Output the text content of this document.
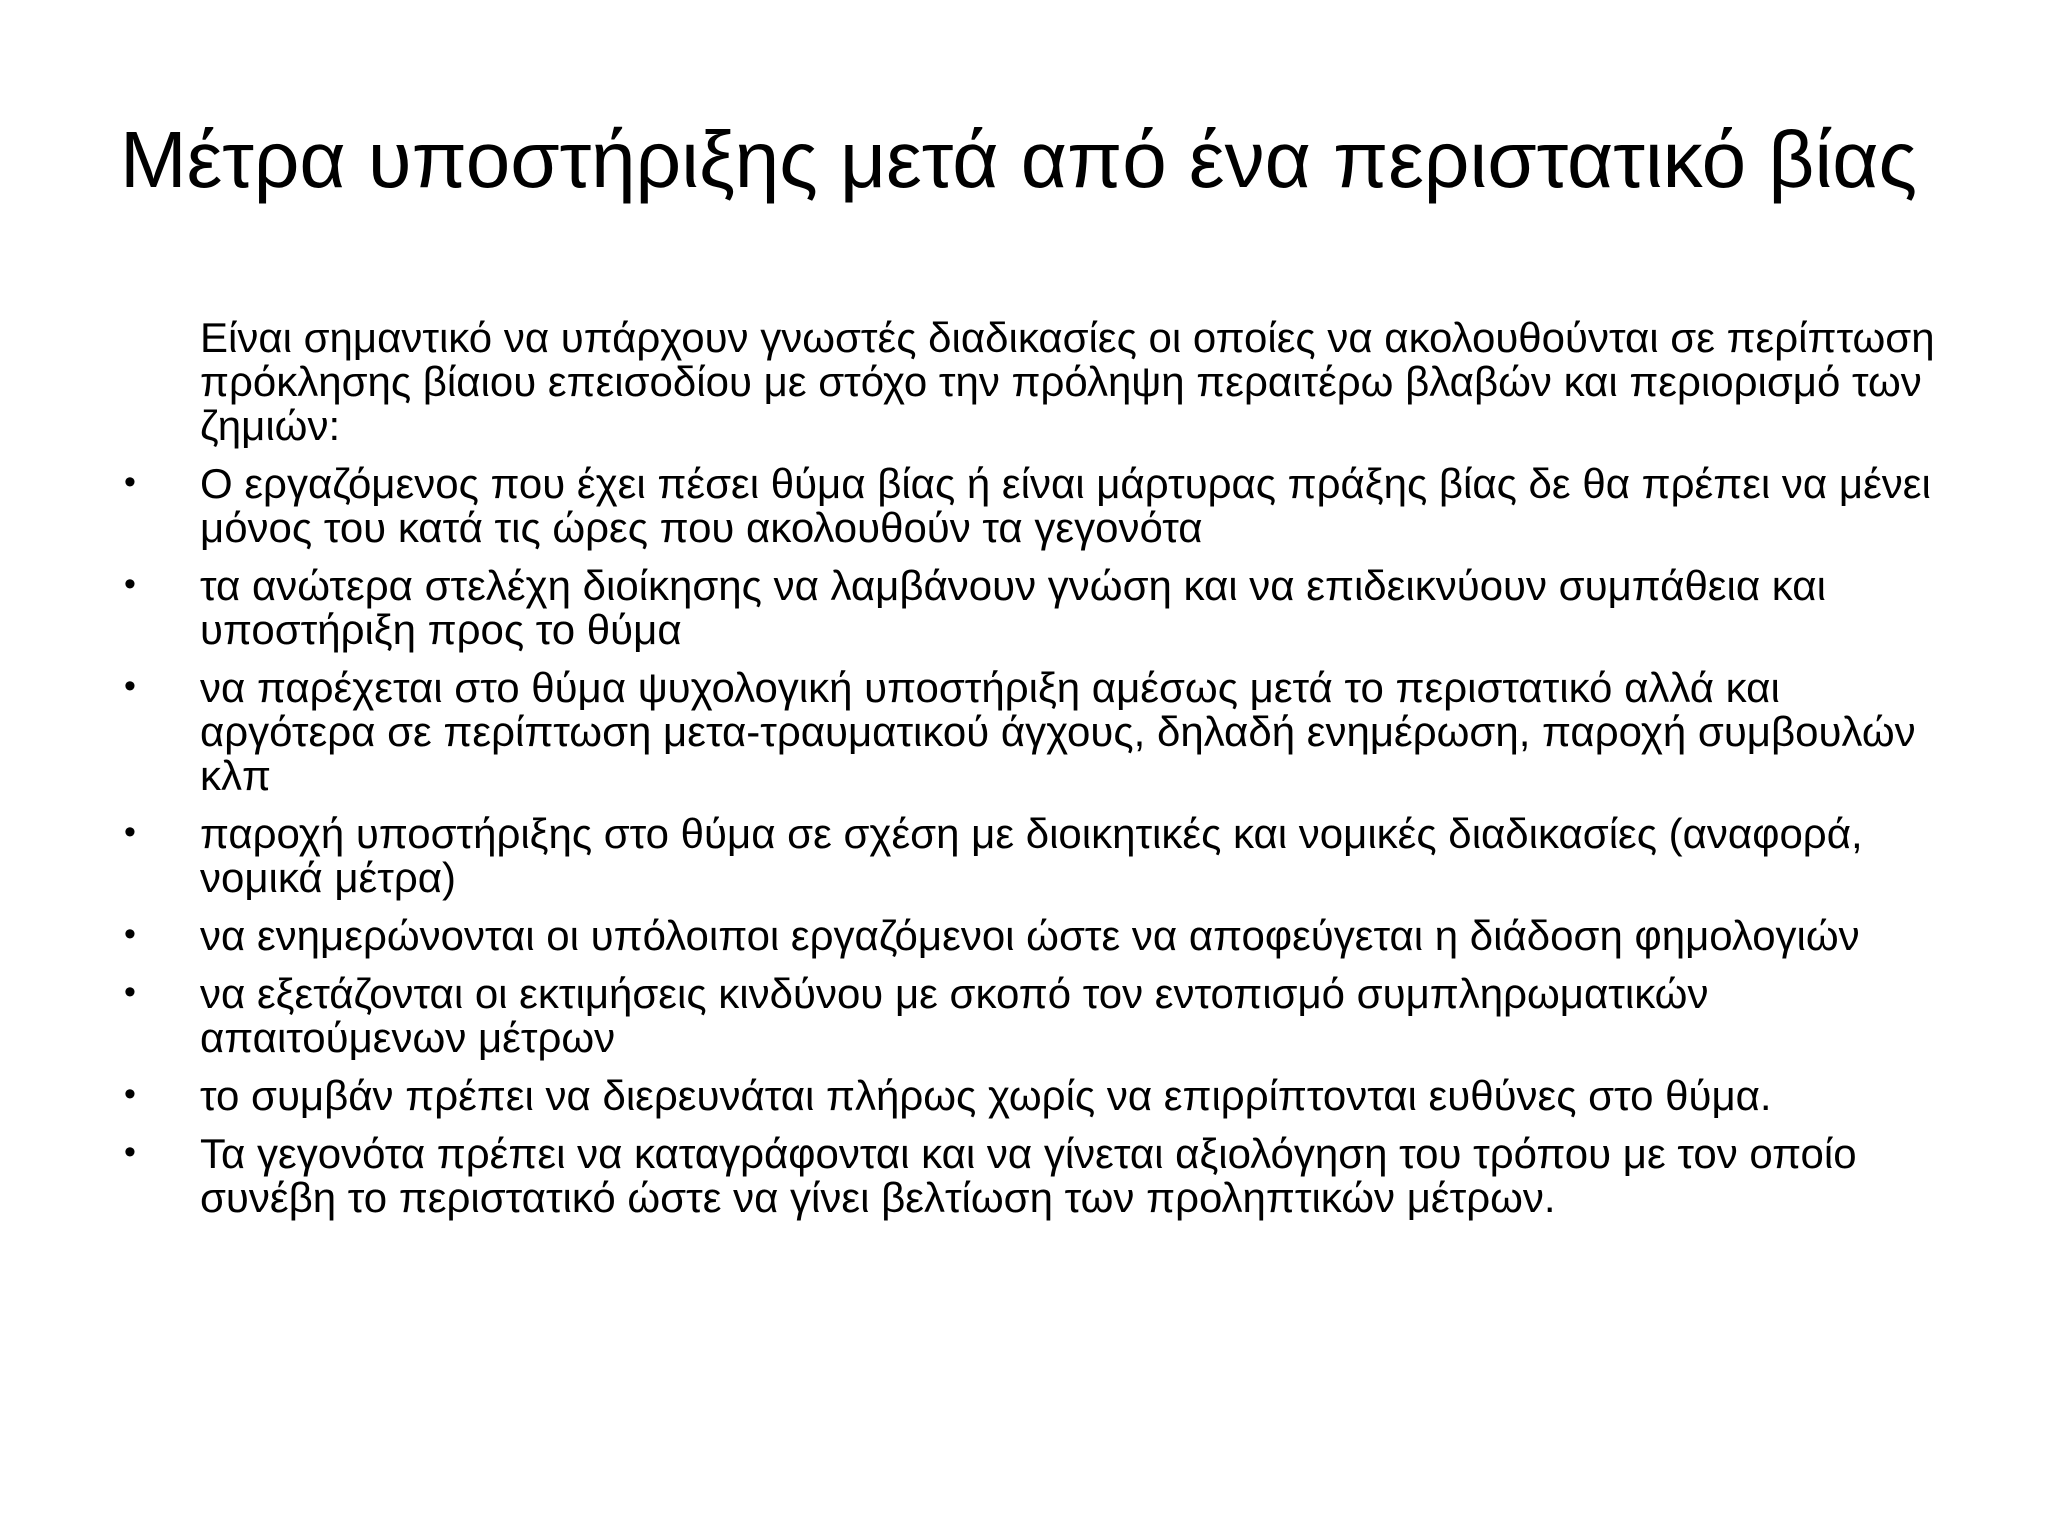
Μέτρα υποστήριξης μετά από ένα περιστατικό βίας

Είναι σημαντικό να υπάρχουν γνωστές διαδικασίες οι οποίες να ακολουθούνται σε περίπτωση πρόκλησης βίαιου επεισοδίου με στόχο την πρόληψη περαιτέρω βλαβών και περιορισμό των ζημιών:

• Ο εργαζόμενος που έχει πέσει θύμα βίας ή είναι μάρτυρας πράξης βίας δε θα πρέπει να μένει μόνος του κατά τις ώρες που ακολουθούν τα γεγονότα
• τα ανώτερα στελέχη διοίκησης να λαμβάνουν γνώση και να επιδεικνύουν συμπάθεια και υποστήριξη προς το θύμα
• να παρέχεται στο θύμα ψυχολογική υποστήριξη αμέσως μετά το περιστατικό αλλά και αργότερα σε περίπτωση μετα-τραυματικού άγχους, δηλαδή ενημέρωση, παροχή συμβουλών κλπ
• παροχή υποστήριξης στο θύμα σε σχέση με διοικητικές και νομικές διαδικασίες (αναφορά, νομικά μέτρα)
• να ενημερώνονται οι υπόλοιποι εργαζόμενοι ώστε να αποφεύγεται η διάδοση φημολογιών
• να εξετάζονται οι εκτιμήσεις κινδύνου με σκοπό τον εντοπισμό συμπληρωματικών απαιτούμενων μέτρων
• το συμβάν πρέπει να διερευνάται πλήρως χωρίς να επιρρίπτονται ευθύνες στο θύμα.
• Τα γεγονότα πρέπει να καταγράφονται και να γίνεται αξιολόγηση του τρόπου με τον οποίο συνέβη το περιστατικό ώστε να γίνει βελτίωση των προληπτικών μέτρων.
